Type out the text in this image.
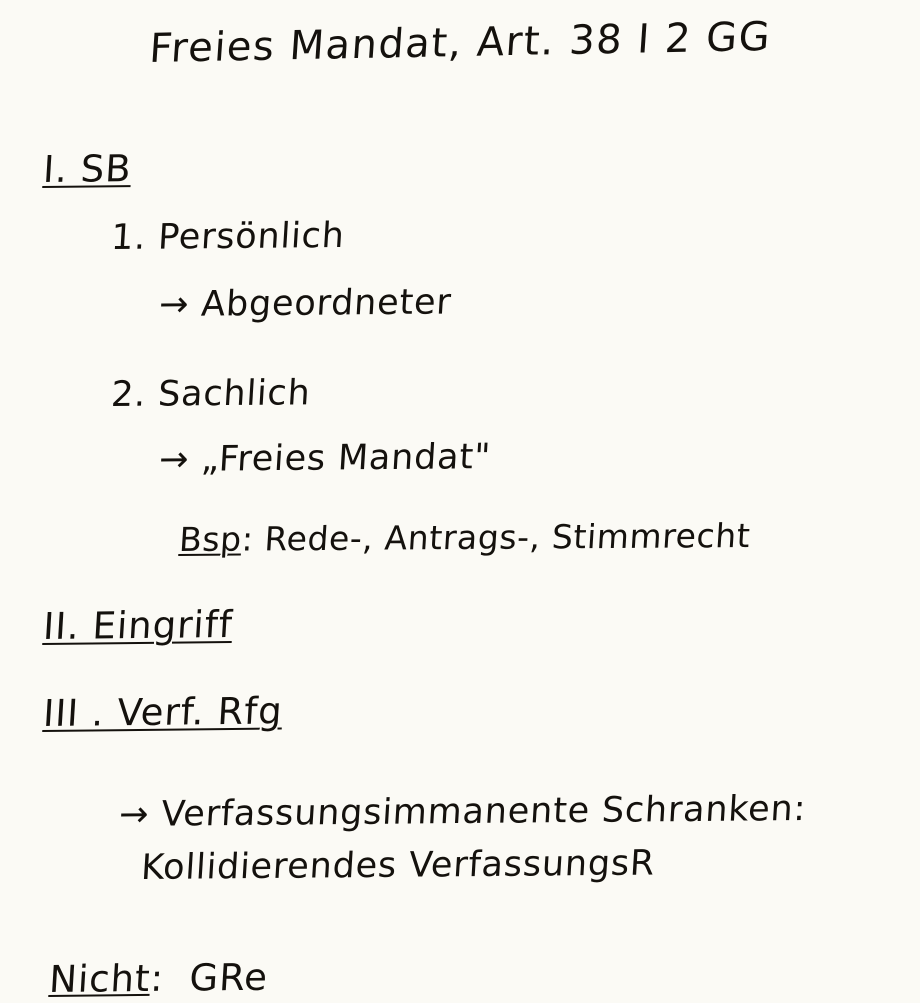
Freies Mandat, Art. 38 I 2 GG
I. SB
1. Persönlich
→ Abgeordneter
2. Sachlich
→ „Freies Mandat"
Bsp: Rede-, Antrags-, Stimmrecht
II. Eingriff
III . Verf. Rfg
→ Verfassungsimmanente Schranken:
Kollidierendes VerfassungsR
Nicht:  GRe
